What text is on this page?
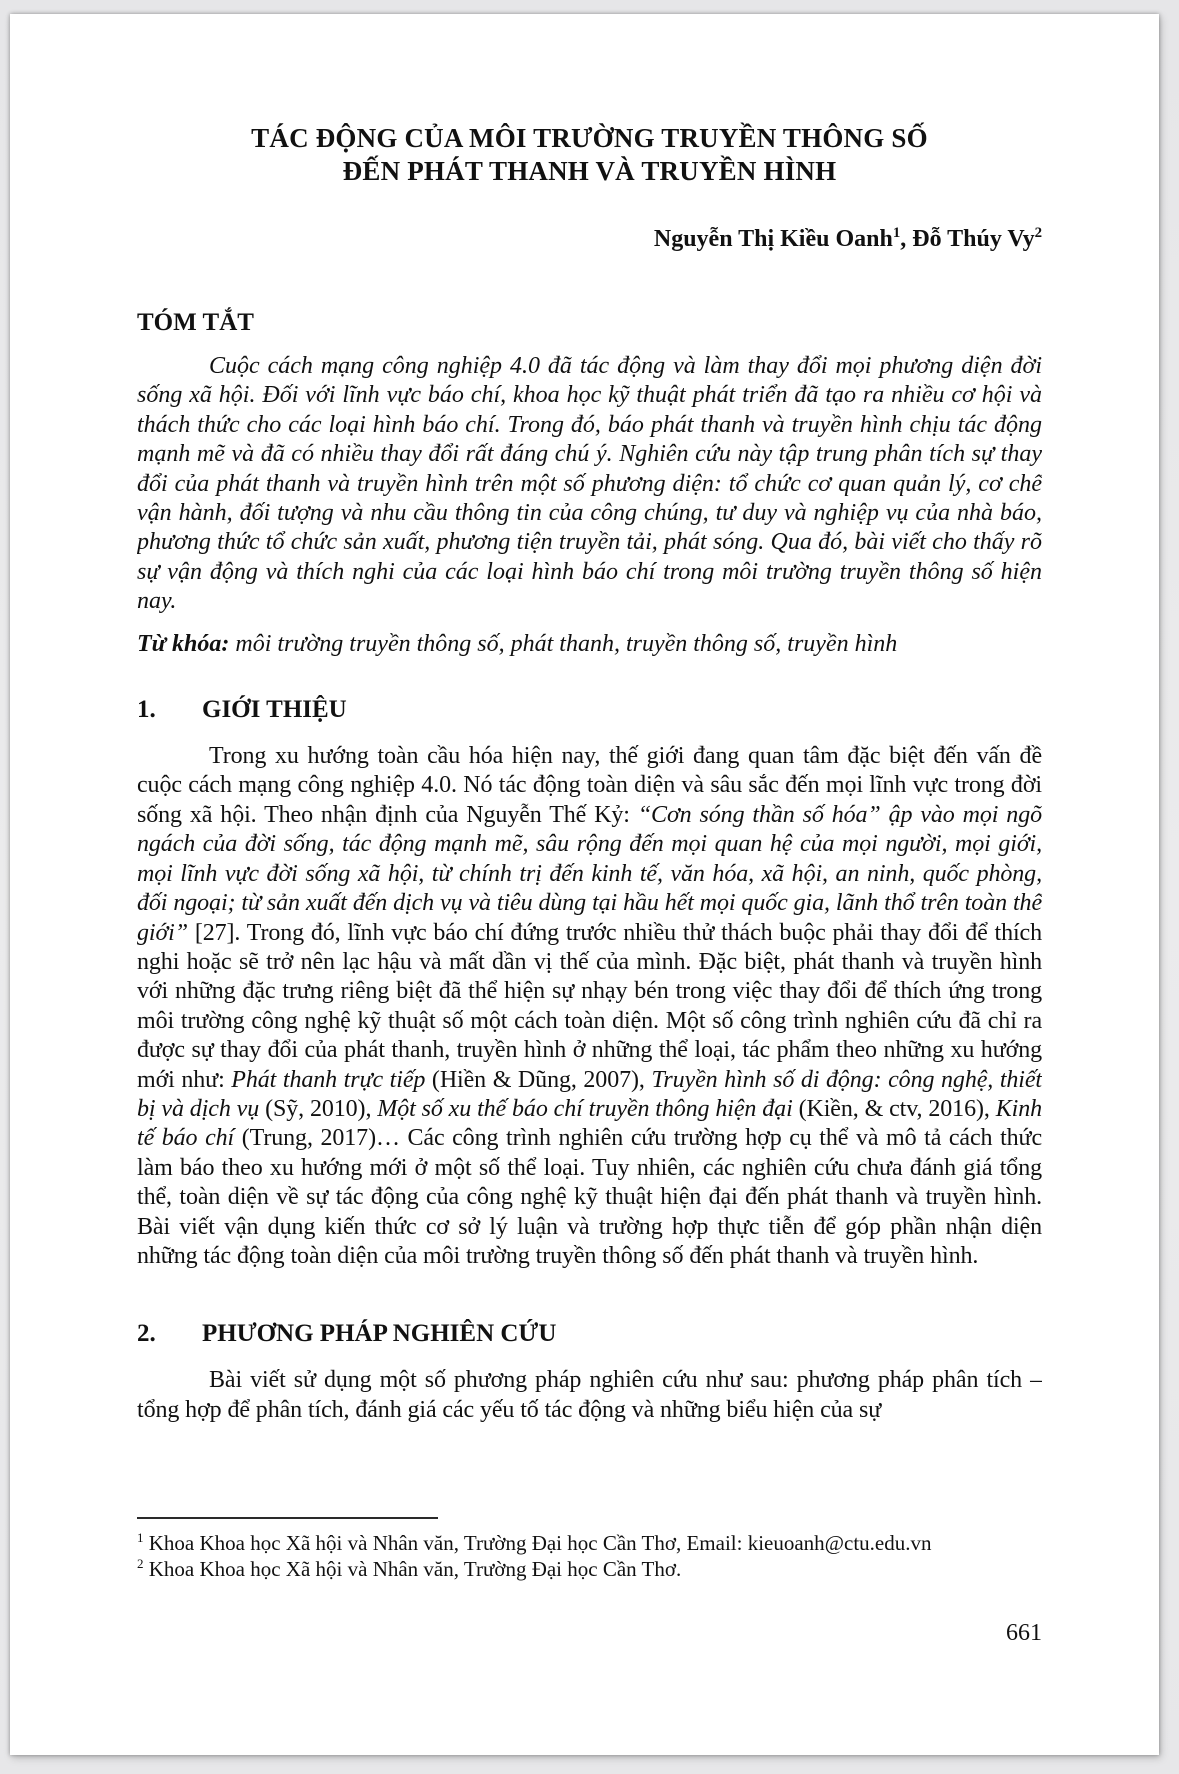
TÁC ĐỘNG CỦA MÔI TRƯỜNG TRUYỀN THÔNG SỐ
ĐẾN PHÁT THANH VÀ TRUYỀN HÌNH
Nguyễn Thị Kiều Oanh$^1$, Đỗ Thúy Vy$^2$
TÓM TẮT

Cuộc cách mạng công nghiệp 4.0 đã tác động và làm thay đổi mọi phương diện đời sống xã hội. Đối với lĩnh vực báo chí, khoa học kỹ thuật phát triển đã tạo ra nhiều cơ hội và thách thức cho các loại hình báo chí. Trong đó, báo phát thanh và truyền hình chịu tác động mạnh mẽ và đã có nhiều thay đổi rất đáng chú ý. Nghiên cứu này tập trung phân tích sự thay đổi của phát thanh và truyền hình trên một số phương diện: tổ chức cơ quan quản lý, cơ chế vận hành, đối tượng và nhu cầu thông tin của công chúng, tư duy và nghiệp vụ của nhà báo, phương thức tổ chức sản xuất, phương tiện truyền tải, phát sóng. Qua đó, bài viết cho thấy rõ sự vận động và thích nghi của các loại hình báo chí trong môi trường truyền thông số hiện nay.

Từ khóa: môi trường truyền thông số, phát thanh, truyền thông số, truyền hình
1.	GIỚI THIỆU

Trong xu hướng toàn cầu hóa hiện nay, thế giới đang quan tâm đặc biệt đến vấn đề cuộc cách mạng công nghiệp 4.0. Nó tác động toàn diện và sâu sắc đến mọi lĩnh vực trong đời sống xã hội. Theo nhận định của Nguyễn Thế Kỷ: “Cơn sóng thần số hóa” ập vào mọi ngõ ngách của đời sống, tác động mạnh mẽ, sâu rộng đến mọi quan hệ của mọi người, mọi giới, mọi lĩnh vực đời sống xã hội, từ chính trị đến kinh tế, văn hóa, xã hội, an ninh, quốc phòng, đối ngoại; từ sản xuất đến dịch vụ và tiêu dùng tại hầu hết mọi quốc gia, lãnh thổ trên toàn thế giới” [27]. Trong đó, lĩnh vực báo chí đứng trước nhiều thử thách buộc phải thay đổi để thích nghi hoặc sẽ trở nên lạc hậu và mất dần vị thế của mình. Đặc biệt, phát thanh và truyền hình với những đặc trưng riêng biệt đã thể hiện sự nhạy bén trong việc thay đổi để thích ứng trong môi trường công nghệ kỹ thuật số một cách toàn diện. Một số công trình nghiên cứu đã chỉ ra được sự thay đổi của phát thanh, truyền hình ở những thể loại, tác phẩm theo những xu hướng mới như: Phát thanh trực tiếp (Hiền & Dũng, 2007), Truyền hình số di động: công nghệ, thiết bị và dịch vụ (Sỹ, 2010), Một số xu thế báo chí truyền thông hiện đại (Kiền, & ctv, 2016), Kinh tế báo chí (Trung, 2017)… Các công trình nghiên cứu trường hợp cụ thể và mô tả cách thức làm báo theo xu hướng mới ở một số thể loại. Tuy nhiên, các nghiên cứu chưa đánh giá tổng thể, toàn diện về sự tác động của công nghệ kỹ thuật hiện đại đến phát thanh và truyền hình. Bài viết vận dụng kiến thức cơ sở lý luận và trường hợp thực tiễn để góp phần nhận diện những tác động toàn diện của môi trường truyền thông số đến phát thanh và truyền hình.

2.	PHƯƠNG PHÁP NGHIÊN CỨU

Bài viết sử dụng một số phương pháp nghiên cứu như sau: phương pháp phân tích – tổng hợp để phân tích, đánh giá các yếu tố tác động và những biểu hiện của sự

$^1$ Khoa Khoa học Xã hội và Nhân văn, Trường Đại học Cần Thơ, Email: kieuoanh@ctu.edu.vn
$^2$ Khoa Khoa học Xã hội và Nhân văn, Trường Đại học Cần Thơ.
661
